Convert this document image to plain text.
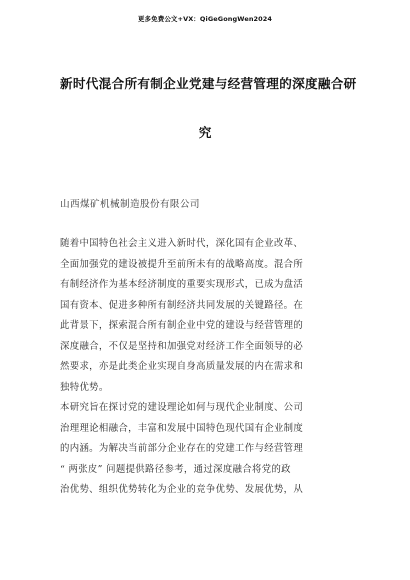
更多免费公文+VX：QiGeGongWen2024
新时代混合所有制企业党建与经营管理的深度融合研
究
山西煤矿机械制造股份有限公司
随着中国特色社会主义进入新时代，深化国有企业改革、
全面加强党的建设被提升至前所未有的战略高度。混合所
有制经济作为基本经济制度的重要实现形式，已成为盘活
国有资本、促进多种所有制经济共同发展的关键路径。在
此背景下，探索混合所有制企业中党的建设与经营管理的
深度融合，不仅是坚持和加强党对经济工作全面领导的必
然要求，亦是此类企业实现自身高质量发展的内在需求和
独特优势。
本研究旨在探讨党的建设理论如何与现代企业制度、公司
治理理论相融合，丰富和发展中国特色现代国有企业制度
的内涵。为解决当前部分企业存在的党建工作与经营管理
“ 两张皮” 问题提供路径参考，通过深度融合将党的政
治优势、组织优势转化为企业的竞争优势、发展优势，从
